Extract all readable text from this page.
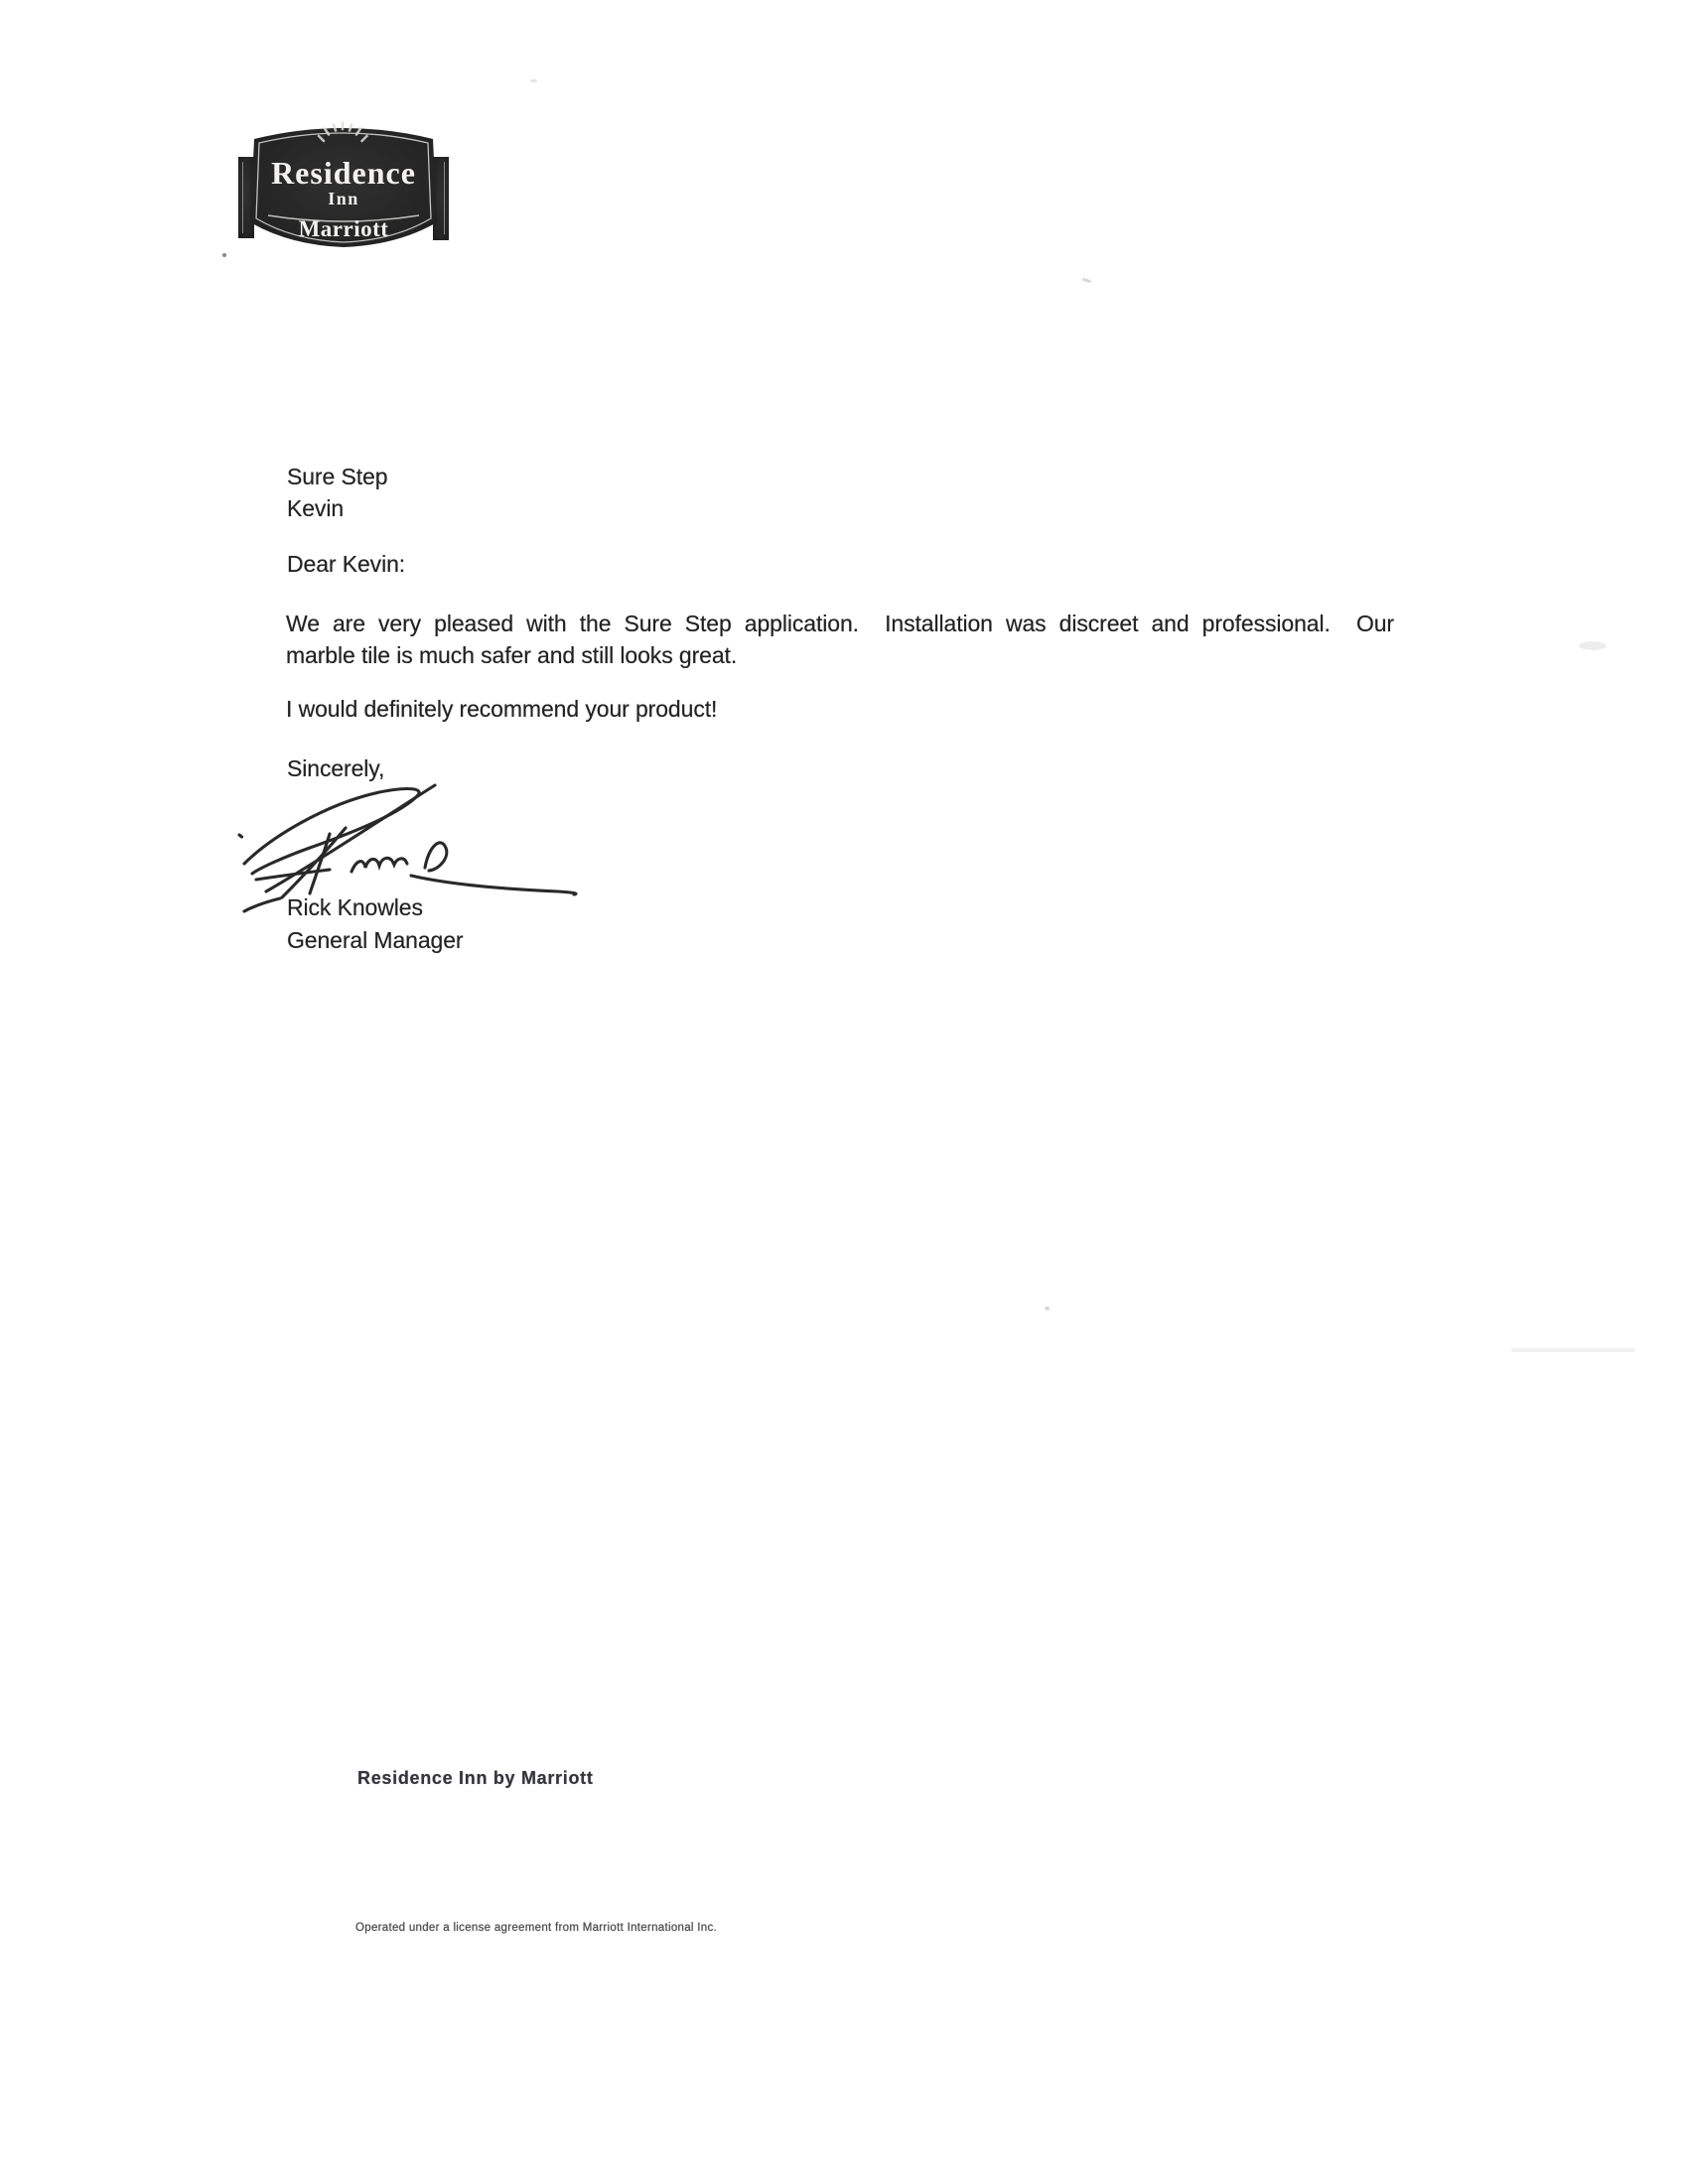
Residence
Inn
Marriott
Sure Step
Kevin
Dear Kevin:
We are very pleased with the Sure Step application.  Installation was discreet and professional.  Our
marble tile is much safer and still looks great.
I would definitely recommend your product!
Sincerely,
Rick Knowles
General Manager
Residence Inn by Marriott
Operated under a license agreement from Marriott International Inc.
